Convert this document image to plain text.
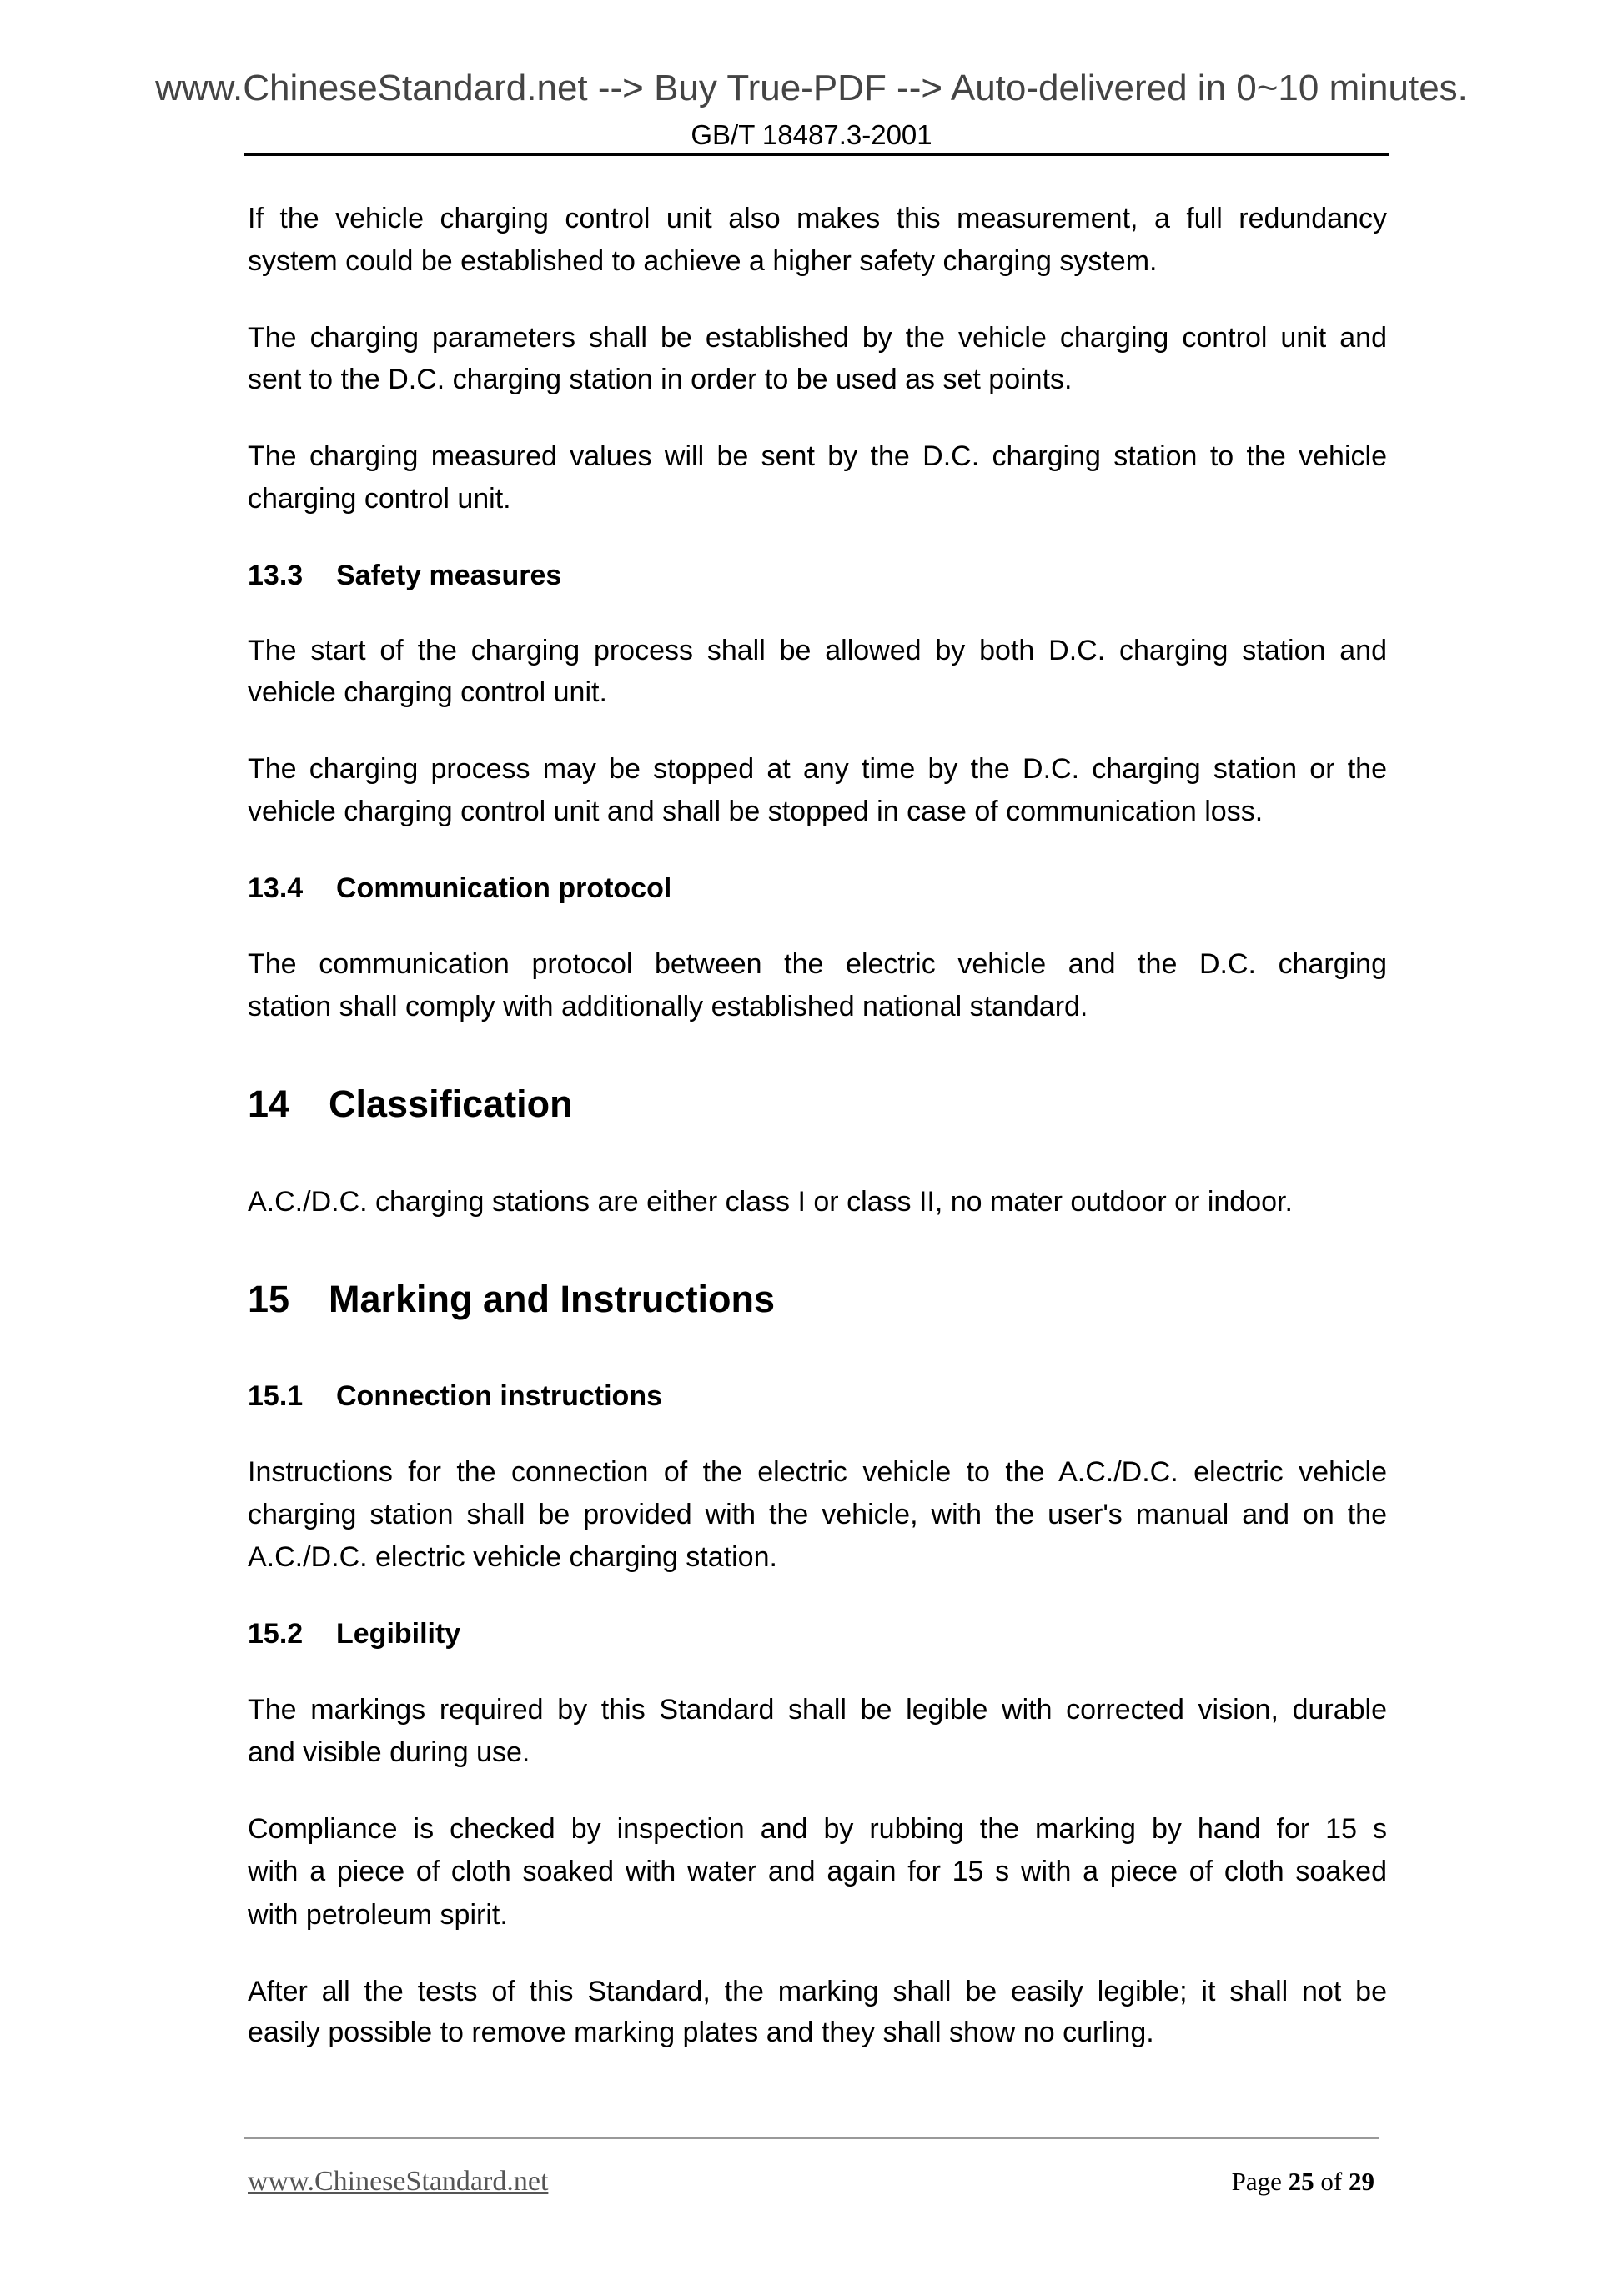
www.ChineseStandard.net --> Buy True-PDF --> Auto-delivered in 0~10 minutes.
GB/T 18487.3-2001
If the vehicle charging control unit also makes this measurement, a full redundancy
system could be established to achieve a higher safety charging system.
The charging parameters shall be established by the vehicle charging control unit and
sent to the D.C. charging station in order to be used as set points.
The charging measured values will be sent by the D.C. charging station to the vehicle
charging control unit.
13.3 Safety measures
The start of the charging process shall be allowed by both D.C. charging station and
vehicle charging control unit.
The charging process may be stopped at any time by the D.C. charging station or the
vehicle charging control unit and shall be stopped in case of communication loss.
13.4 Communication protocol
The communication protocol between the electric vehicle and the D.C. charging
station shall comply with additionally established national standard.
14 Classification
A.C./D.C. charging stations are either class I or class II, no mater outdoor or indoor.
15 Marking and Instructions
15.1 Connection instructions
Instructions for the connection of the electric vehicle to the A.C./D.C. electric vehicle
charging station shall be provided with the vehicle, with the user's manual and on the
A.C./D.C. electric vehicle charging station.
15.2 Legibility
The markings required by this Standard shall be legible with corrected vision, durable
and visible during use.
Compliance is checked by inspection and by rubbing the marking by hand for 15 s
with a piece of cloth soaked with water and again for 15 s with a piece of cloth soaked
with petroleum spirit.
After all the tests of this Standard, the marking shall be easily legible; it shall not be
easily possible to remove marking plates and they shall show no curling.
www.ChineseStandard.net	Page 25 of 29
